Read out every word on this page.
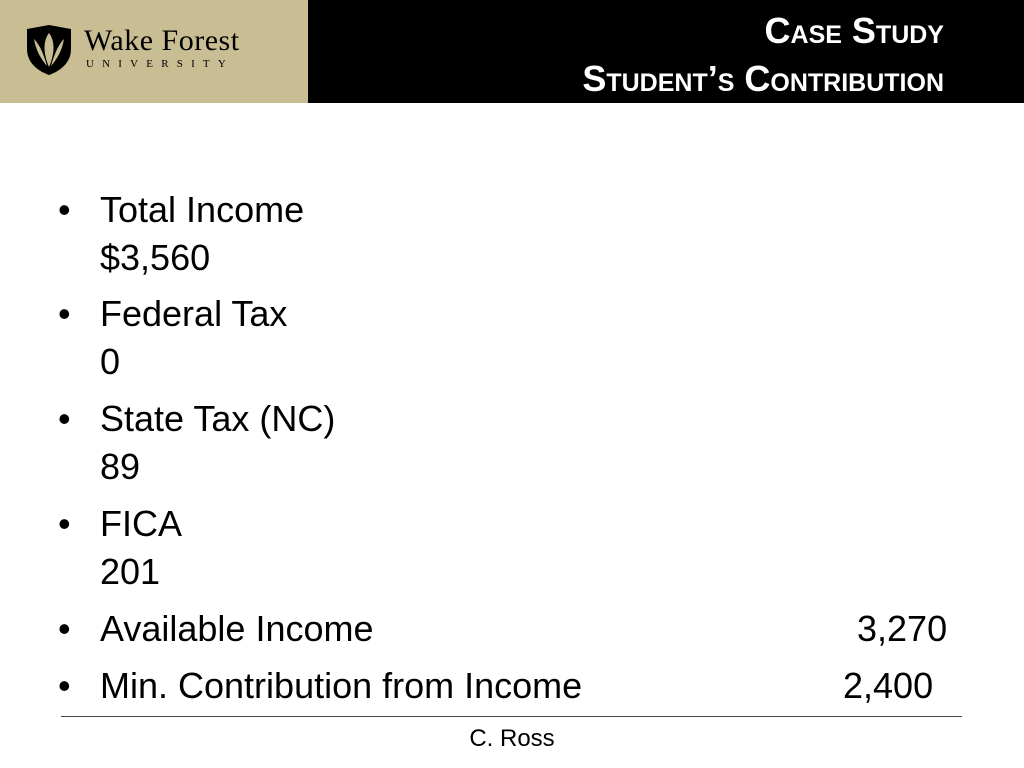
Wake Forest
UNIVERSITY
Case Study
Student’s Contribution
• Total Income
$3,560
• Federal Tax
0
• State Tax (NC)
89
• FICA
201
• Available Income	3,270
• Min. Contribution from Income	2,400
C. Ross
